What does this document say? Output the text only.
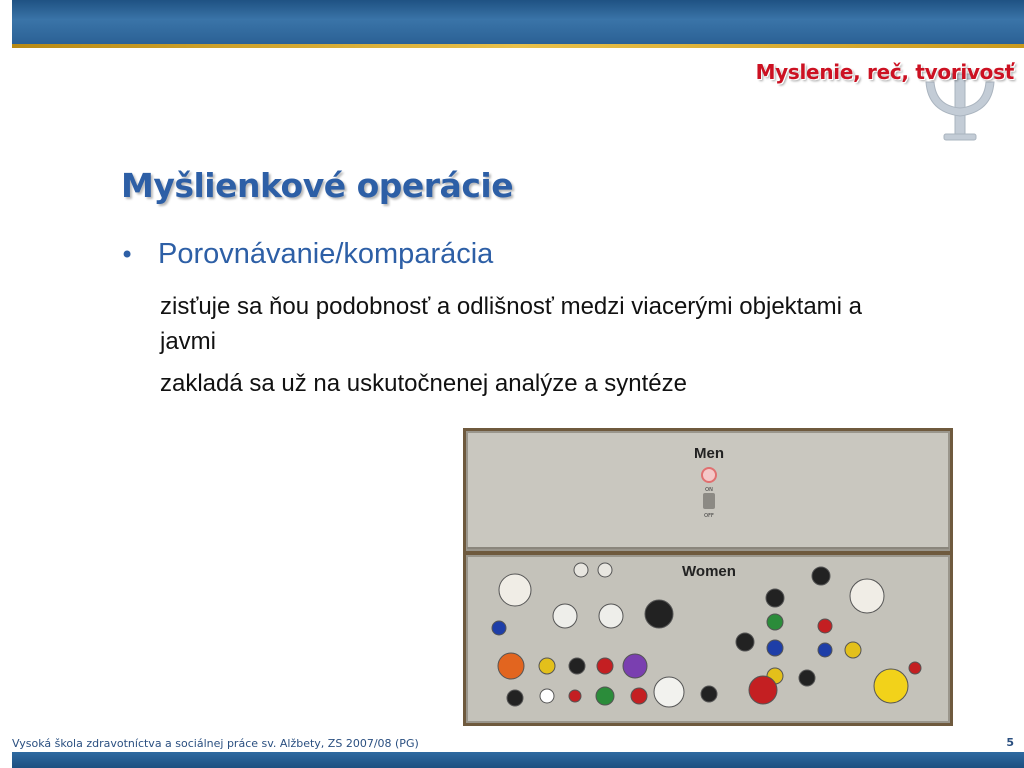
Myslenie, reč, tvorivosť
Myšlienkové operácie
• Porovnávanie/komparácia

zisťuje sa ňou podobnosť a odlišnosť medzi viacerými objektami a javmi

zakladá sa už na uskutočnenej analýze a syntéze

Men
ON
OFF
Women
Vysoká škola zdravotníctva a sociálnej práce sv. Alžbety, ZS 2007/08 (PG)	5
